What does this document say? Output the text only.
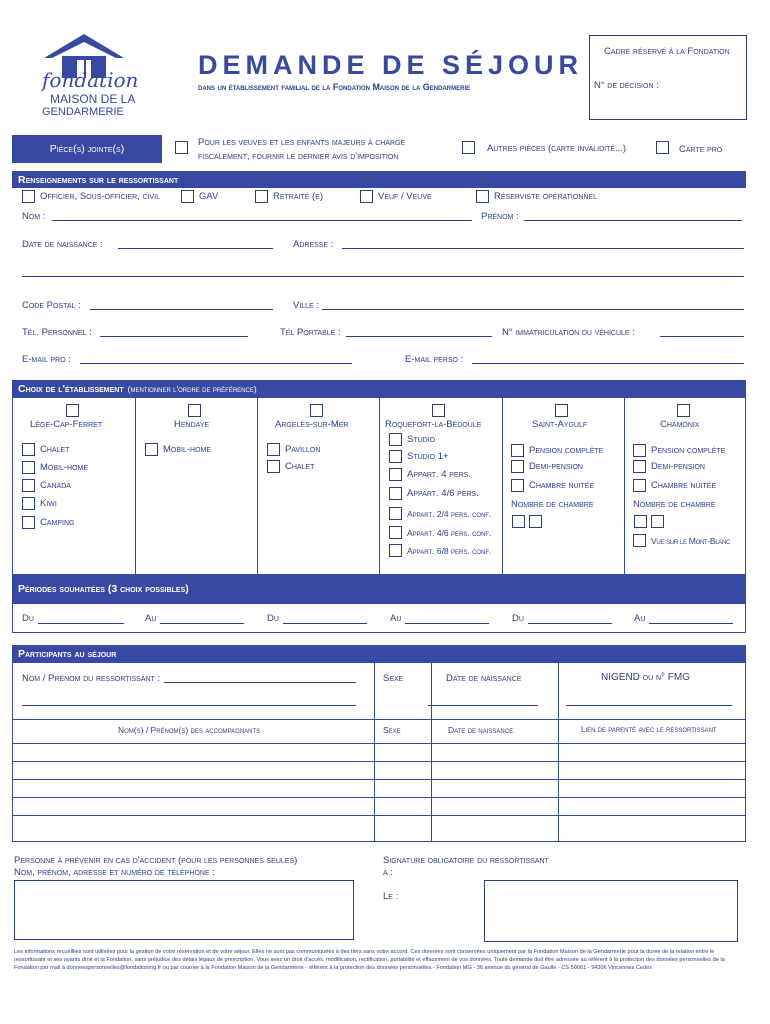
fondation
MAISON DE LA
GENDARMERIE
DEMANDE DE SÉJOUR
dans un établissement familial de la Fondation Maison de la Gendarmerie
Cadre réservé à la Fondation
N° de décision :
Pièce(s) jointe(s)
Pour les veuves et les enfants majeurs à charge
fiscalement, fournir le dernier avis d'imposition
Autres pièces (carte invalidité...)	Carte pro
Renseignements sur le ressortissant
Officier, Sous-officier, civil	GAV	Retraité (e)	Veuf / Veuve	Réserviste opérationnel
Nom :	Prénom :
Date de naissance :	Adresse :
Code Postal :	Ville :
Tél. Personnel :	Tél Portable :	N° immatriculation du véhicule :
E-mail pro :	E-mail perso :
Choix de l'établissement (mentionner l'ordre de préférence)
Lège-Cap-Ferret
Chalet
Mobil-home
Canada
Kiwi
Camping
Hendaye
Mobil-home
Argelès-sur-Mer
Pavillon
Chalet
Roquefort-la-Bédoule
Studio
Studio 1+
Appart. 4 pers.
Appart. 4/6 pers.
Appart. 2/4 pers. conf.
Appart. 4/6 pers. conf.
Appart. 6/8 pers. conf.
Saint-Aygulf
Pension complète
Demi-pension
Chambre nuitée
Nombre de chambre
Chamonix
Pension complète
Demi-pension
Chambre nuitée
Nombre de chambre
Vue sur le Mont-Blanc
Périodes souhaitées (3 choix possibles)
Du	Au	Du	Au	Du	Au
Participants au séjour
Nom / Prénom du ressortissant :	Sexe	Date de naissance	NIGEND ou n° FMG
Nom(s) / Prénom(s) des accompagnants	Sexe	Date de naissance	Lien de parenté avec le ressortissant
Personne à prévenir en cas d'accident (pour les personnes seules)
Nom, prénom, adresse et numéro de téléphone :
Signature obligatoire du ressortissant
à :
Le :
Les informations recueillies sont utilisées pour la gestion de votre réservation et de votre séjour. Elles ne sont pas communiquées à des tiers sans votre accord. Ces données sont conservées uniquement par la Fondation Maison de la Gendarmerie pour la durée de la relation entre le ressortissant et ses ayants droit et la Fondation, sans préjudice des délais légaux de prescription. Vous avez un droit d'accès, modification, rectification, portabilité et effacement de vos données. Toute demande doit être adressée au référent à la protection des données personnelles de la Fondation par mail à donneespersonnelles@fondationmg.fr ou par courrier à la Fondation Maison de la Gendarmerie - référent à la protection des données personnelles - Fondation MG - 36 avenue du général de Gaulle - CS 50001 - 94306 Vincennes Cedex
